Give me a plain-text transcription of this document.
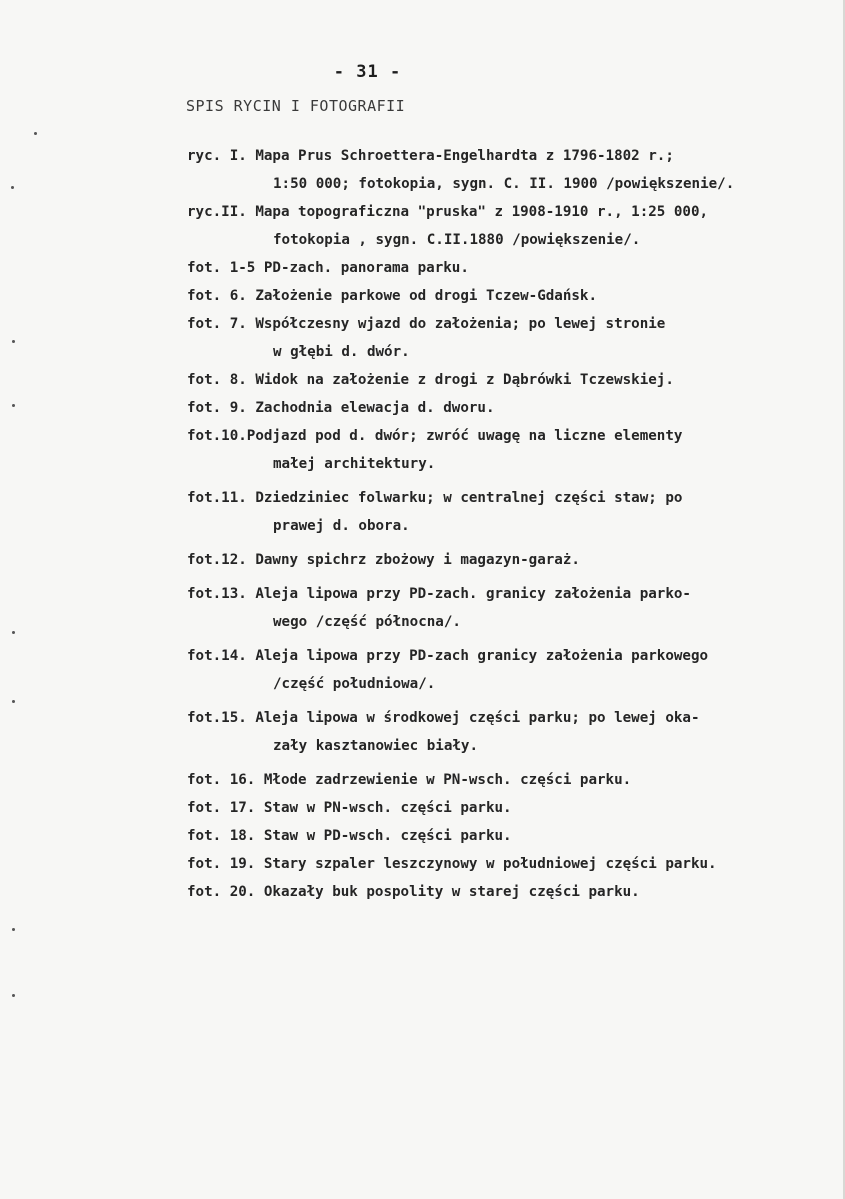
- 31 -
SPIS RYCIN I FOTOGRAFII
ryc. I. Mapa Prus Schroettera-Engelhardta z 1796-1802 r.;
1:50 000; fotokopia, sygn. C. II. 1900 /powiększenie/.
ryc.II. Mapa topograficzna "pruska" z 1908-1910 r., 1:25 000,
fotokopia , sygn. C.II.1880 /powiększenie/.
fot. 1-5 PD-zach. panorama parku.
fot. 6. Założenie parkowe od drogi Tczew-Gdańsk.
fot. 7. Współczesny wjazd do założenia; po lewej stronie
w głębi d. dwór.
fot. 8. Widok na założenie z drogi z Dąbrówki Tczewskiej.
fot. 9. Zachodnia elewacja d. dworu.
fot.10.Podjazd pod d. dwór; zwróć uwagę na liczne elementy
małej architektury.
fot.11. Dziedziniec folwarku; w centralnej części staw; po
prawej d. obora.
fot.12. Dawny spichrz zbożowy i magazyn-garaż.
fot.13. Aleja lipowa przy PD-zach. granicy założenia parko-
wego /część północna/.
fot.14. Aleja lipowa przy PD-zach granicy założenia parkowego
/część południowa/.
fot.15. Aleja lipowa w środkowej części parku; po lewej oka-
zały kasztanowiec biały.
fot. 16. Młode zadrzewienie w PN-wsch. części parku.
fot. 17. Staw w PN-wsch. części parku.
fot. 18. Staw w PD-wsch. części parku.
fot. 19. Stary szpaler leszczynowy w południowej części parku.
fot. 20. Okazały buk pospolity w starej części parku.
